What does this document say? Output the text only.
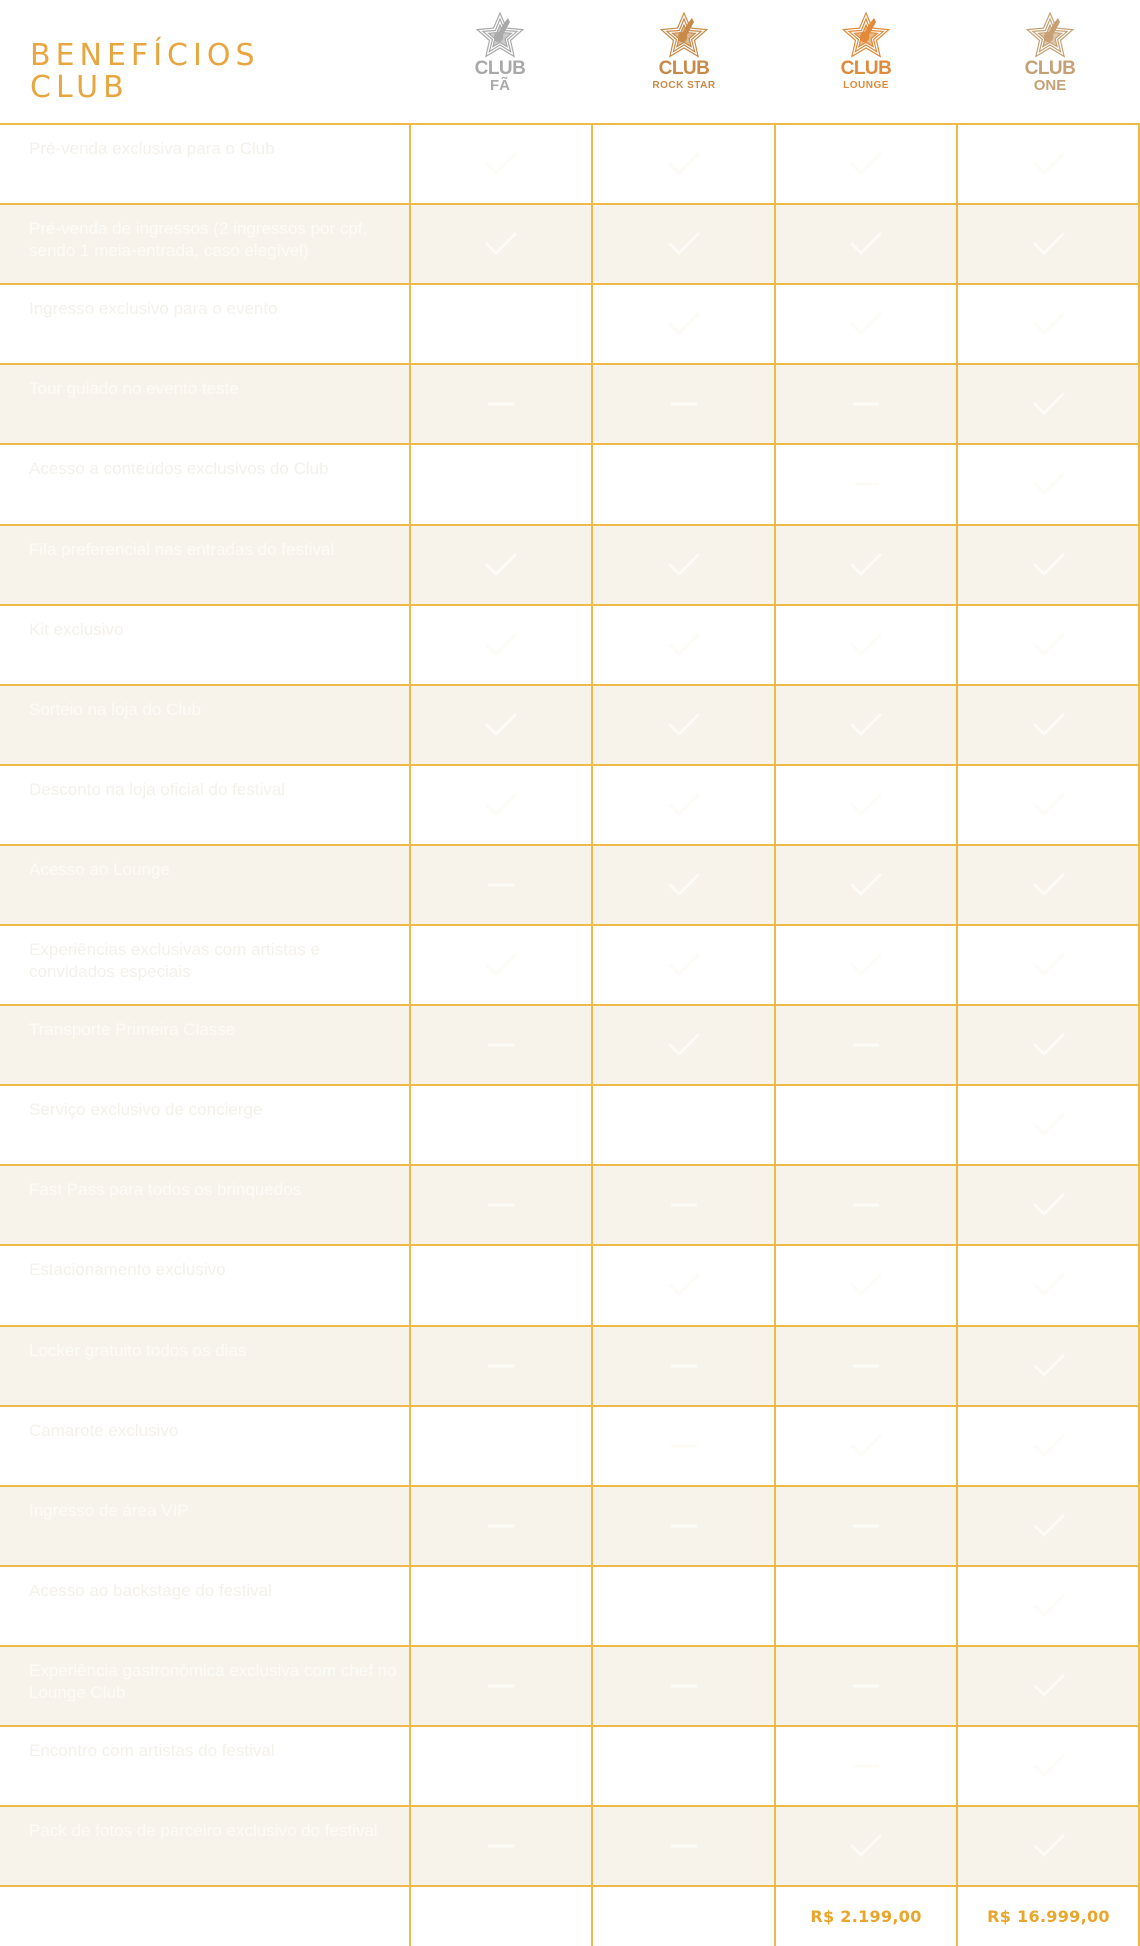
BENEFÍCIOS
CLUB
CLUB
FÃ
CLUB
ROCK STAR
CLUB
LOUNGE
CLUB
ONE
Pré-venda exclusiva para o Club
Pré-venda de ingressos (2 ingressos por cpf, sendo 1 meia-entrada, caso elegível)
Ingresso exclusivo para o evento
Tour guiado no evento teste
Acesso a conteúdos exclusivos do Club
Fila preferencial nas entradas do festival
Kit exclusivo
Sorteio na loja do Club
Desconto na loja oficial do festival
Acesso ao Lounge
Experiências exclusivas com artistas e convidados especiais
Transporte Primeira Classe
Serviço exclusivo de concierge
Fast Pass para todos os brinquedos
Estacionamento exclusivo
Locker gratuito todos os dias
Camarote exclusivo
Ingresso de área VIP
Acesso ao backstage do festival
Experiência gastronômica exclusiva com chef no Lounge Club
Encontro com artistas do festival
Pack de fotos de parceiro exclusivo do festival
R$ 2.199,00	R$ 16.999,00
